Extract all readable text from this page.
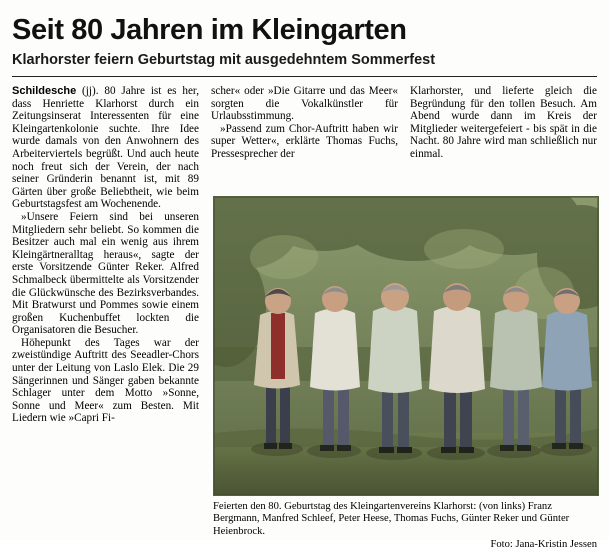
Seit 80 Jahren im Kleingarten
Klarhorster feiern Geburtstag mit ausgedehntem Sommerfest

Schildesche (jj). 80 Jahre ist es her, dass Henriette Klarhorst durch ein Zeitungsinserat Interessenten für eine Kleingartenkolonie suchte. Ihre Idee wurde damals von den Anwohnern des Arbeiterviertels begrüßt. Und auch heute noch freut sich der Verein, der nach seiner Gründerin benannt ist, mit 89 Gärten über große Beliebtheit, wie beim Geburtstagsfest am Wochenende.

»Unsere Feiern sind bei unseren Mitgliedern sehr beliebt. So kommen die Besitzer auch mal ein wenig aus ihrem Kleingärtneralltag heraus«, sagte der erste Vorsitzende Günter Reker. Alfred Schmalbeck übermittelte als Vorsitzender die Glückwünsche des Bezirksverbandes. Mit Bratwurst und Pommes sowie einem großen Kuchenbuffet lockten die Organisatoren die Besucher.

Höhepunkt des Tages war der zweistündige Auftritt des Seeadler-Chors unter der Leitung von Laslo Elek. Die 29 Sängerinnen und Sänger gaben bekannte Schlager unter dem Motto »Sonne, Sonne und Meer« zum Besten. Mit Liedern wie »Capri Fi-

scher« oder »Die Gitarre und das Meer« sorgten die Vokalkünstler für Urlaubsstimmung.

»Passend zum Chor-Auftritt haben wir super Wetter«, erklärte Thomas Fuchs, Pressesprecher der

Klarhorster, und lieferte gleich die Begründung für den tollen Besuch. Am Abend wurde dann im Kreis der Mitglieder weitergefeiert - bis spät in die Nacht. 80 Jahre wird man schließlich nur einmal.

Feierten den 80. Geburtstag des Kleingartenvereins Klarhorst: (von links) Franz Bergmann, Manfred Schleef, Peter Heese, Thomas Fuchs, Günter Reker und Günter Heienbrock.
Foto: Jana-Kristin Jessen
